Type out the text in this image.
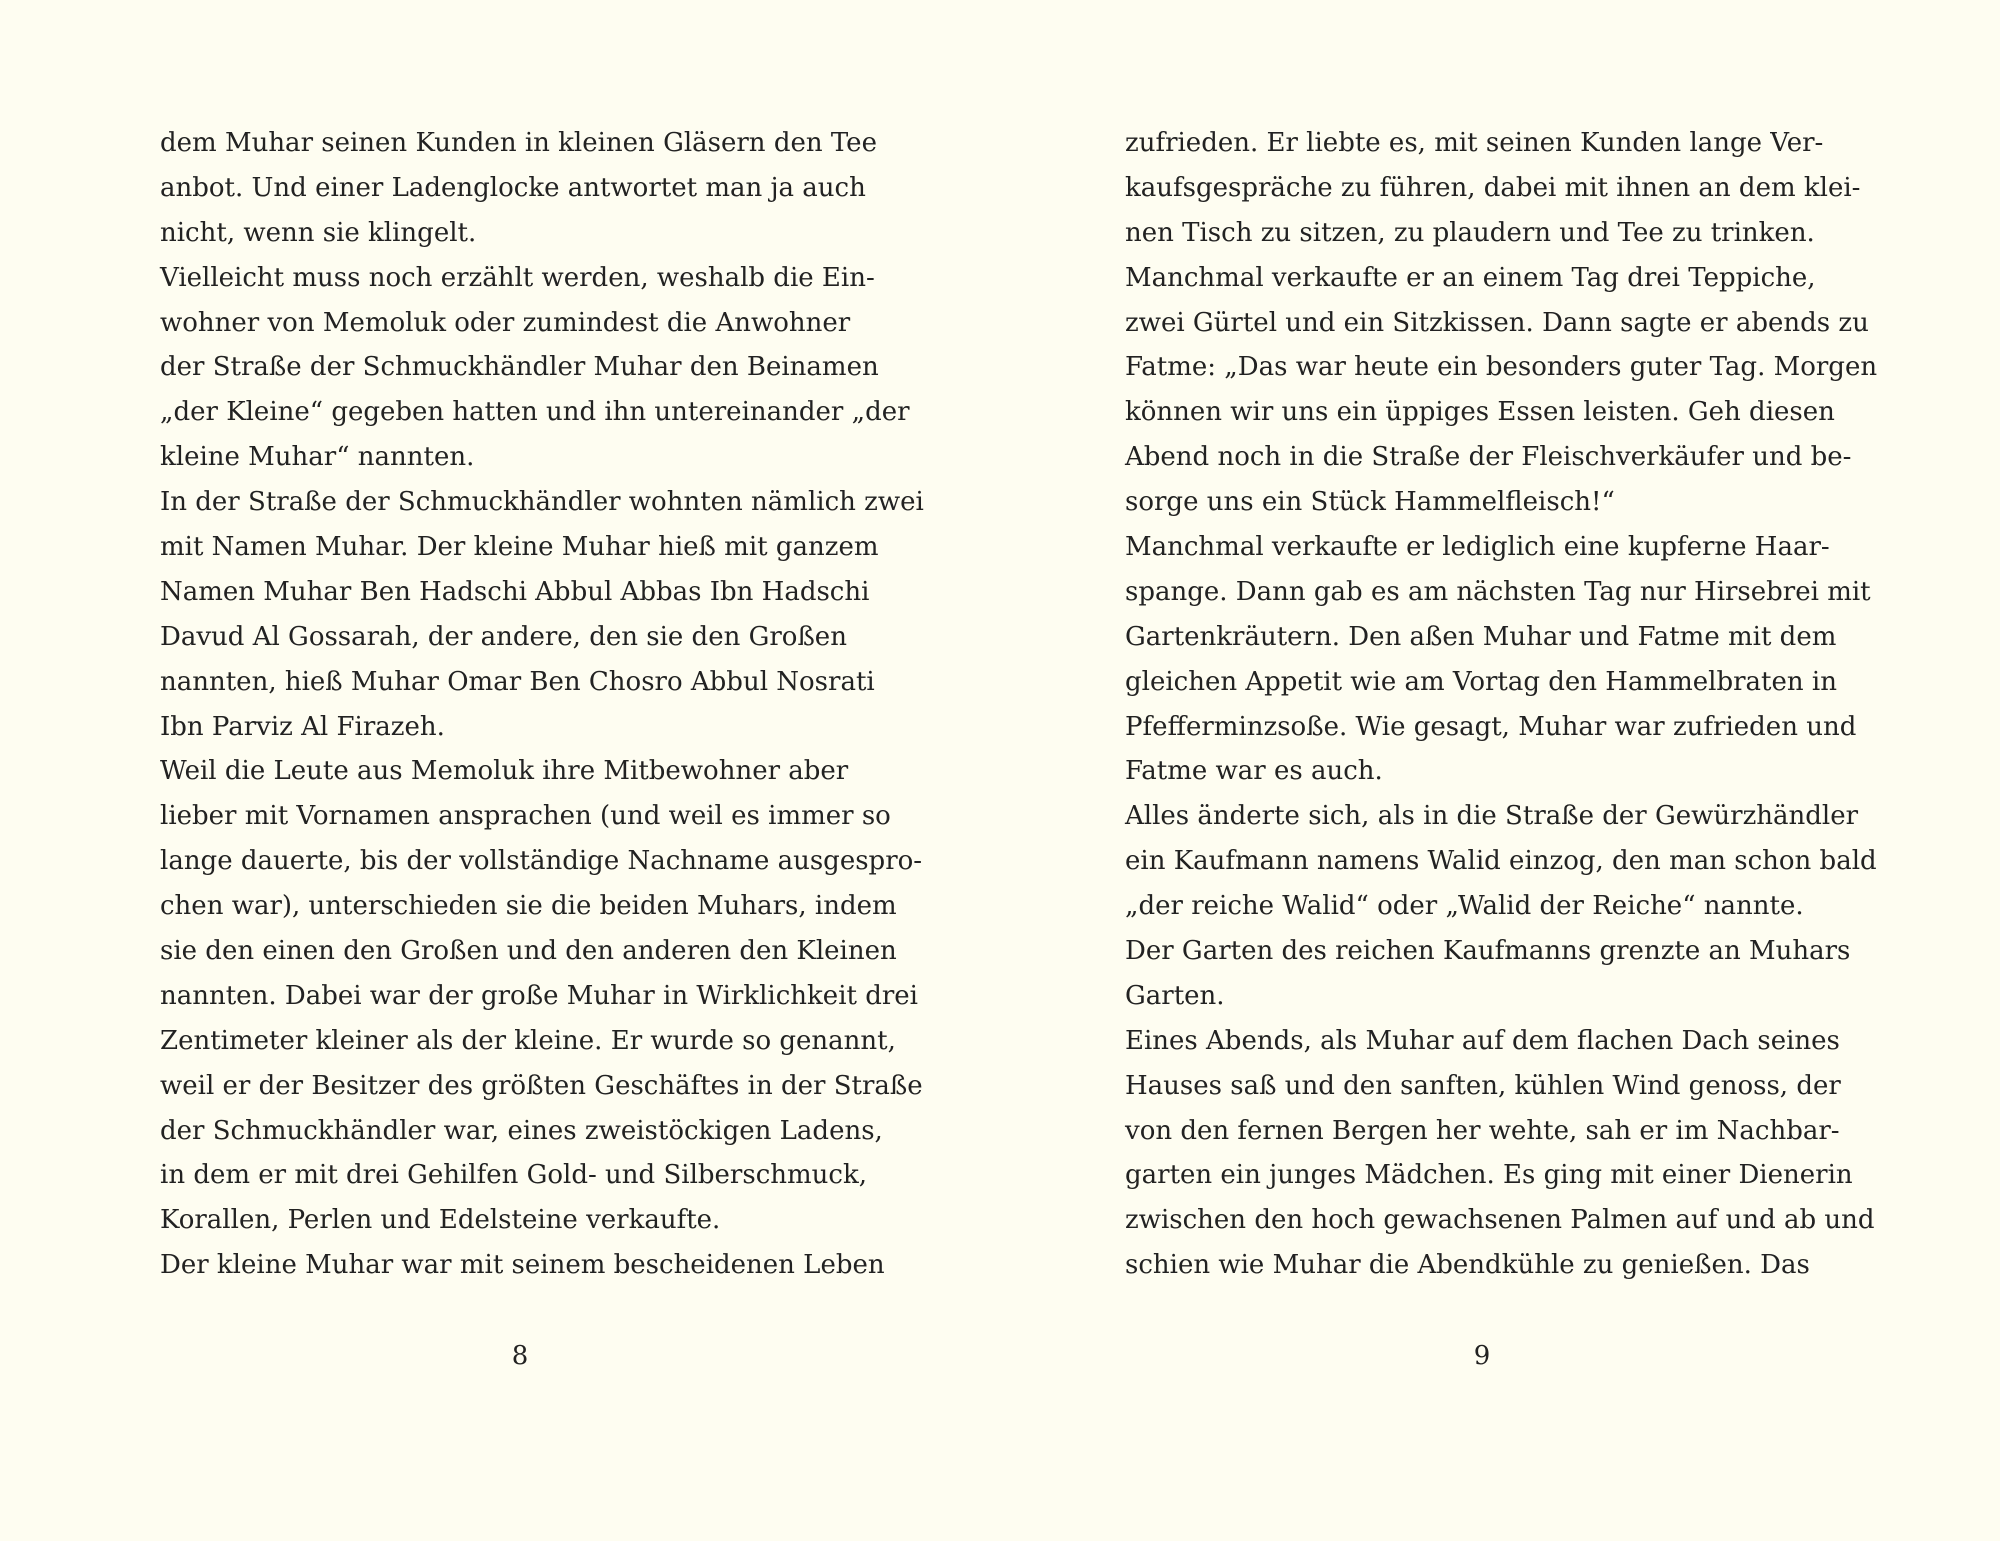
dem Muhar seinen Kunden in kleinen Gläsern den Tee
anbot. Und einer Ladenglocke antwortet man ja auch
nicht, wenn sie klingelt.
Vielleicht muss noch erzählt werden, weshalb die Ein-
wohner von Memoluk oder zumindest die Anwohner
der Straße der Schmuckhändler Muhar den Beinamen
„der Kleine“ gegeben hatten und ihn untereinander „der
kleine Muhar“ nannten.
In der Straße der Schmuckhändler wohnten nämlich zwei
mit Namen Muhar. Der kleine Muhar hieß mit ganzem
Namen Muhar Ben Hadschi Abbul Abbas Ibn Hadschi
Davud Al Gossarah, der andere, den sie den Großen
nannten, hieß Muhar Omar Ben Chosro Abbul Nosrati
Ibn Parviz Al Firazeh.
Weil die Leute aus Memoluk ihre Mitbewohner aber
lieber mit Vornamen ansprachen (und weil es immer so
lange dauerte, bis der vollständige Nachname ausgespro-
chen war), unterschieden sie die beiden Muhars, indem
sie den einen den Großen und den anderen den Kleinen
nannten. Dabei war der große Muhar in Wirklichkeit drei
Zentimeter kleiner als der kleine. Er wurde so genannt,
weil er der Besitzer des größten Geschäftes in der Straße
der Schmuckhändler war, eines zweistöckigen Ladens,
in dem er mit drei Gehilfen Gold- und Silberschmuck,
Korallen, Perlen und Edelsteine verkaufte.
Der kleine Muhar war mit seinem bescheidenen Leben
8
zufrieden. Er liebte es, mit seinen Kunden lange Ver-
kaufsgespräche zu führen, dabei mit ihnen an dem klei-
nen Tisch zu sitzen, zu plaudern und Tee zu trinken.
Manchmal verkaufte er an einem Tag drei Teppiche,
zwei Gürtel und ein Sitzkissen. Dann sagte er abends zu
Fatme: „Das war heute ein besonders guter Tag. Morgen
können wir uns ein üppiges Essen leisten. Geh diesen
Abend noch in die Straße der Fleischverkäufer und be-
sorge uns ein Stück Hammelfleisch!“
Manchmal verkaufte er lediglich eine kupferne Haar-
spange. Dann gab es am nächsten Tag nur Hirsebrei mit
Gartenkräutern. Den aßen Muhar und Fatme mit dem
gleichen Appetit wie am Vortag den Hammelbraten in
Pfefferminzsoße. Wie gesagt, Muhar war zufrieden und
Fatme war es auch.
Alles änderte sich, als in die Straße der Gewürzhändler
ein Kaufmann namens Walid einzog, den man schon bald
„der reiche Walid“ oder „Walid der Reiche“ nannte.
Der Garten des reichen Kaufmanns grenzte an Muhars
Garten.
Eines Abends, als Muhar auf dem flachen Dach seines
Hauses saß und den sanften, kühlen Wind genoss, der
von den fernen Bergen her wehte, sah er im Nachbar-
garten ein junges Mädchen. Es ging mit einer Dienerin
zwischen den hoch gewachsenen Palmen auf und ab und
schien wie Muhar die Abendkühle zu genießen. Das
9
